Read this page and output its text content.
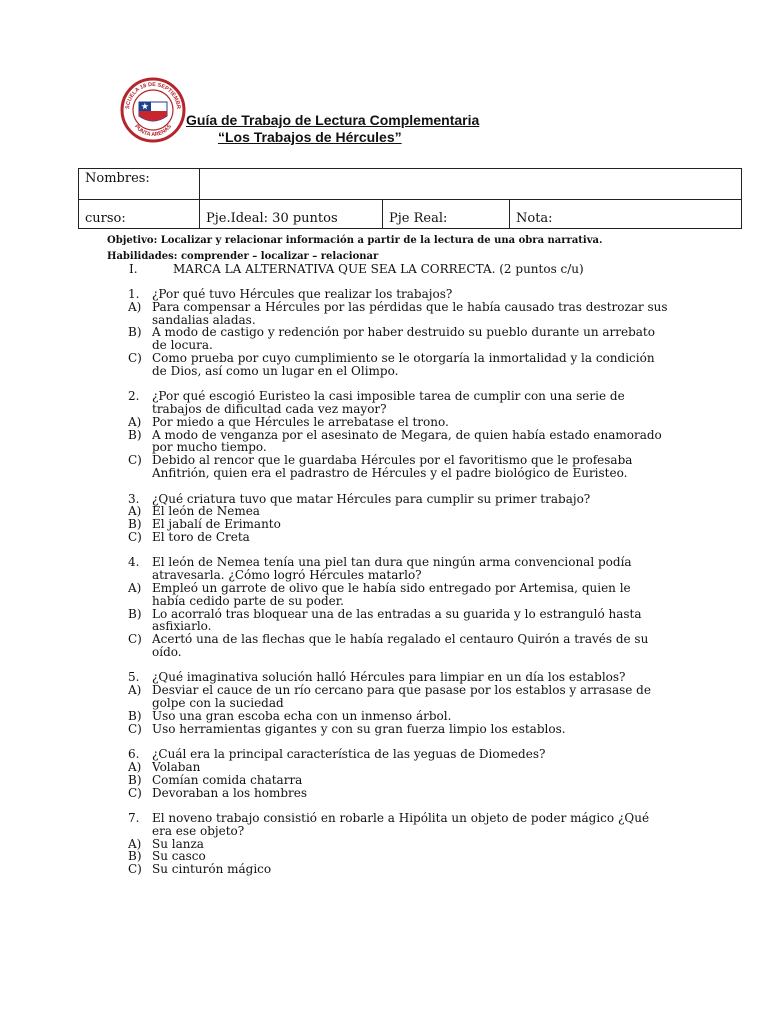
SCUELA 18 DE SEPTIEMBR
PUNTA ARENAS Guía de Trabajo de Lectura Complementaria
“Los Trabajos de Hércules”
Nombres:			
curso:	Pje.Ideal: 30 puntos	Pje Real:	Nota:
Objetivo: Localizar y relacionar información a partir de la lectura de una obra narrativa.
Habilidades: comprender – localizar – relacionar
I.	MARCA LA ALTERNATIVA QUE SEA LA CORRECTA. (2 puntos c/u)
1. ¿Por qué tuvo Hércules que realizar los trabajos?
A) Para compensar a Hércules por las pérdidas que le había causado tras destrozar sus sandalias aladas.
B) A modo de castigo y redención por haber destruido su pueblo durante un arrebato de locura.
C) Como prueba por cuyo cumplimiento se le otorgaría la inmortalidad y la condición de Dios, así como un lugar en el Olimpo.
2. ¿Por qué escogió Euristeo la casi imposible tarea de cumplir con una serie de trabajos de dificultad cada vez mayor?
A) Por miedo a que Hércules le arrebatase el trono.
B) A modo de venganza por el asesinato de Megara, de quien había estado enamorado por mucho tiempo.
C) Debido al rencor que le guardaba Hércules por el favoritismo que le profesaba Anfitrión, quien era el padrastro de Hércules y el padre biológico de Euristeo.
3. ¿Qué criatura tuvo que matar Hércules para cumplir su primer trabajo?
A) El león de Nemea
B) El jabalí de Erimanto
C) El toro de Creta
4. El león de Nemea tenía una piel tan dura que ningún arma convencional podía atravesarla. ¿Cómo logró Hércules matarlo?
A) Empleó un garrote de olivo que le había sido entregado por Artemisa, quien le había cedido parte de su poder.
B) Lo acorraló tras bloquear una de las entradas a su guarida y lo estranguló hasta asfixiarlo.
C) Acertó una de las flechas que le había regalado el centauro Quirón a través de su oído.
5. ¿Qué imaginativa solución halló Hércules para limpiar en un día los establos?
A) Desviar el cauce de un río cercano para que pasase por los establos y arrasase de golpe con la suciedad
B) Uso una gran escoba echa con un inmenso árbol.
C) Uso herramientas gigantes y con su gran fuerza limpio los establos.
6. ¿Cuál era la principal característica de las yeguas de Diomedes?
A) Volaban
B) Comían comida chatarra
C) Devoraban a los hombres
7. El noveno trabajo consistió en robarle a Hipólita un objeto de poder mágico ¿Qué era ese objeto?
A) Su lanza
B) Su casco
C) Su cinturón mágico
